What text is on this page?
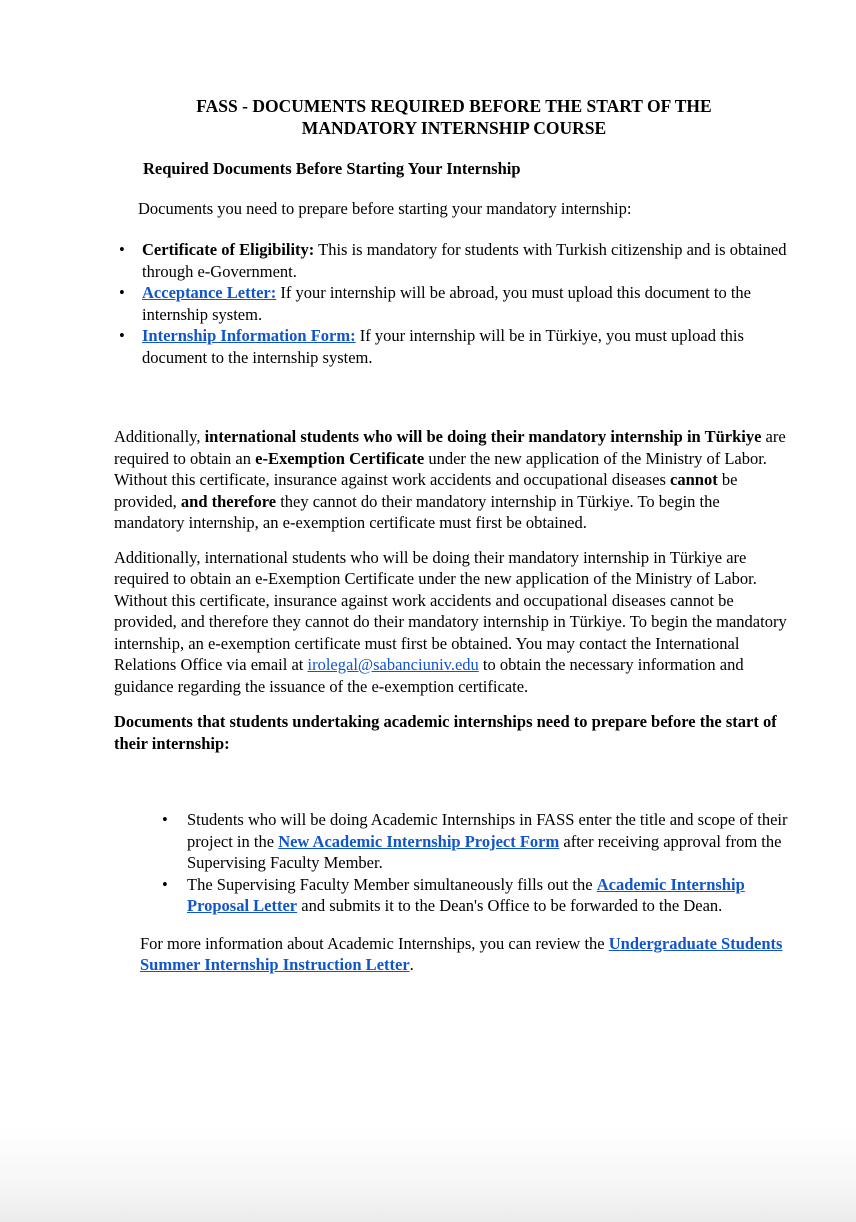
FASS - DOCUMENTS REQUIRED BEFORE THE START OF THE
MANDATORY INTERNSHIP COURSE

Required Documents Before Starting Your Internship

Documents you need to prepare before starting your mandatory internship:

• Certificate of Eligibility: This is mandatory for students with Turkish citizenship and is obtained through e-Government.
• Acceptance Letter: If your internship will be abroad, you must upload this document to the internship system.
• Internship Information Form: If your internship will be in Türkiye, you must upload this document to the internship system.

Additionally, international students who will be doing their mandatory internship in Türkiye are required to obtain an e-Exemption Certificate under the new application of the Ministry of Labor. Without this certificate, insurance against work accidents and occupational diseases cannot be provided, and therefore they cannot do their mandatory internship in Türkiye. To begin the mandatory internship, an e-exemption certificate must first be obtained.

Additionally, international students who will be doing their mandatory internship in Türkiye are required to obtain an e-Exemption Certificate under the new application of the Ministry of Labor. Without this certificate, insurance against work accidents and occupational diseases cannot be provided, and therefore they cannot do their mandatory internship in Türkiye. To begin the mandatory internship, an e-exemption certificate must first be obtained. You may contact the International Relations Office via email at irolegal@sabanciuniv.edu to obtain the necessary information and guidance regarding the issuance of the e-exemption certificate.

Documents that students undertaking academic internships need to prepare before the start of their internship:

• Students who will be doing Academic Internships in FASS enter the title and scope of their project in the New Academic Internship Project Form after receiving approval from the Supervising Faculty Member.
• The Supervising Faculty Member simultaneously fills out the Academic Internship Proposal Letter and submits it to the Dean's Office to be forwarded to the Dean.

For more information about Academic Internships, you can review the Undergraduate Students Summer Internship Instruction Letter.
